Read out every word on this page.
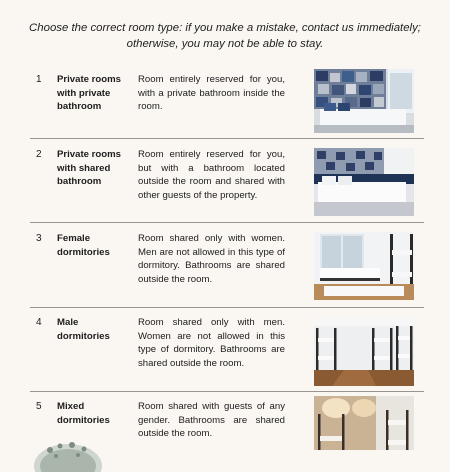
Choose the correct room type: if you make a mistake, contact us immediately; otherwise, you may not be able to stay.
1 Private rooms with private bathroom
Room entirely reserved for you, with a private bathroom inside the room.
2 Private rooms with shared bathroom
Room entirely reserved for you, but with a bathroom located outside the room and shared with other guests of the property.
3 Female dormitories
Room shared only with women. Men are not allowed in this type of dormitory. Bathrooms are shared outside the room.
4 Male dormitories
Room shared only with men. Women are not allowed in this type of dormitory. Bathrooms are shared outside the room.
5 Mixed dormitories
Room shared with guests of any gender. Bathrooms are shared outside the room.
